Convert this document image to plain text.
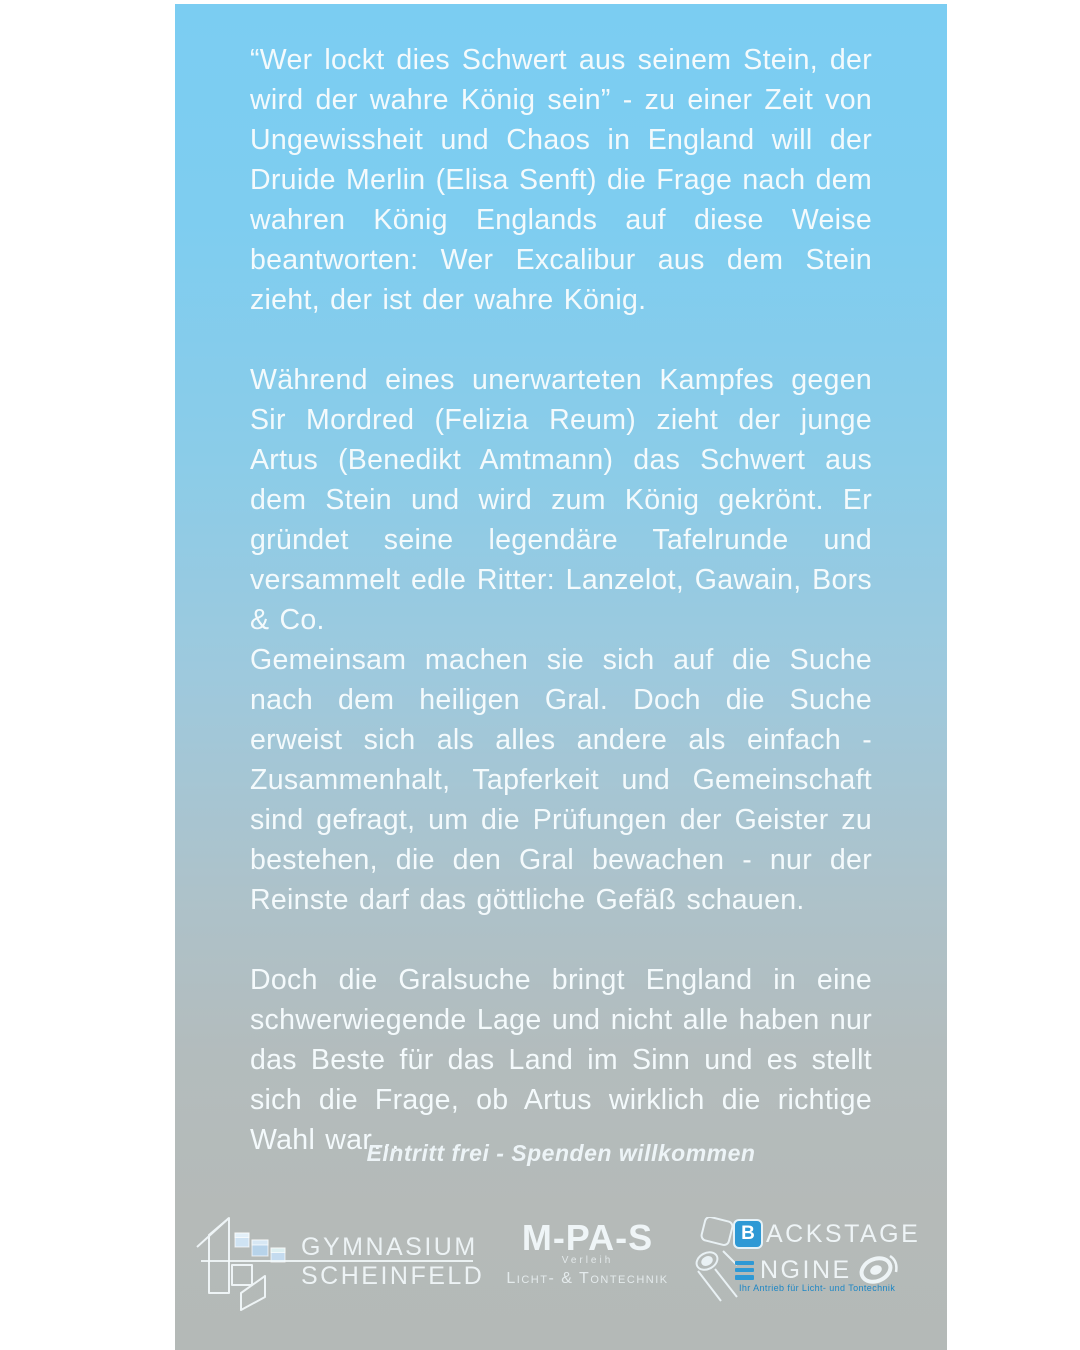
“Wer lockt dies Schwert aus seinem Stein, der wird der wahre König sein” - zu einer Zeit von Ungewissheit und Chaos in England will der Druide Merlin (Elisa Senft) die Frage nach dem wahren König Englands auf diese Weise beantworten: Wer Excalibur aus dem Stein zieht, der ist der wahre König.

Während eines unerwarteten Kampfes gegen Sir Mordred (Felizia Reum) zieht der junge Artus (Benedikt Amtmann) das Schwert aus dem Stein und wird zum König gekrönt. Er gründet seine legendäre Tafelrunde und versammelt edle Ritter: Lanzelot, Gawain, Bors & Co.

Gemeinsam machen sie sich auf die Suche nach dem heiligen Gral. Doch die Suche erweist sich als alles andere als einfach - Zusammenhalt, Tapferkeit und Gemeinschaft sind gefragt, um die Prüfungen der Geister zu bestehen, die den Gral bewachen - nur der Reinste darf das göttliche Gefäß schauen.

Doch die Gralsuche bringt England in eine schwerwiegende Lage und nicht alle haben nur das Beste für das Land im Sinn und es stellt sich die Frage, ob Artus wirklich die richtige Wahl war…

Eintritt frei - Spenden willkommen
GYMNASIUM
SCHEINFELD
M-PA-S
Verleih
Licht- & Tontechnik
B ACKSTAGE
NGINE
Ihr Antrieb für Licht- und Tontechnik
